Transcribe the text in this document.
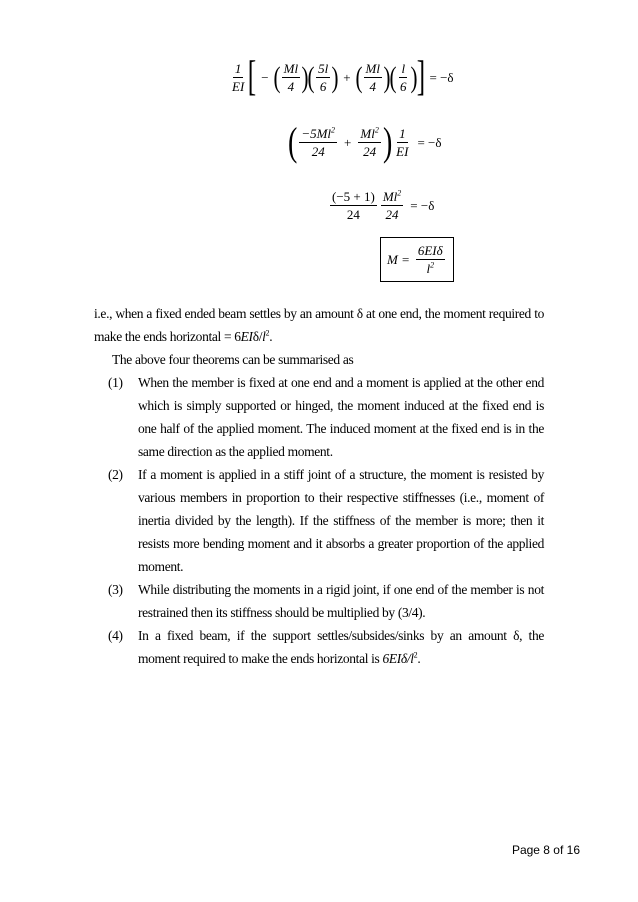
$\frac{1}{EI}$ [ − ( $\frac{Ml}{4}$ ) ( $\frac{5l}{6}$ ) + ( $\frac{Ml}{4}$ ) ( $\frac{l}{6}$ ) ] = −δ
( $\frac{-5Ml^2}{24} + \frac{Ml^2}{24}$ ) $\frac{1}{EI} = -\delta$
$\frac{(-5 + 1)}{24} \frac{Ml^2}{24} = -\delta$
$M = \frac{\text{6EIδ}}{l^2}$

i.e., when a fixed ended beam settles by an amount δ at one end, the moment required to make the ends horizontal = $6EI\delta/l^2$.

The above four theorems can be summarised as

(1)	When the member is fixed at one end and a moment is applied at the other end which is simply supported or hinged, the moment induced at the fixed end is one half of the applied moment. The induced moment at the fixed end is in the same direction as the applied moment.
(2)	If a moment is applied in a stiff joint of a structure, the moment is resisted by various members in proportion to their respective stiffnesses (i.e., moment of inertia divided by the length). If the stiffness of the member is more; then it resists more bending moment and it absorbs a greater proportion of the applied moment.
(3)	While distributing the moments in a rigid joint, if one end of the member is not restrained then its stiffness should be multiplied by (3/4).
(4)	In a fixed beam, if the support settles/subsides/sinks by an amount δ, the moment required to make the ends horizontal is $6EI\delta/l^2$.
Page 8 of 16
